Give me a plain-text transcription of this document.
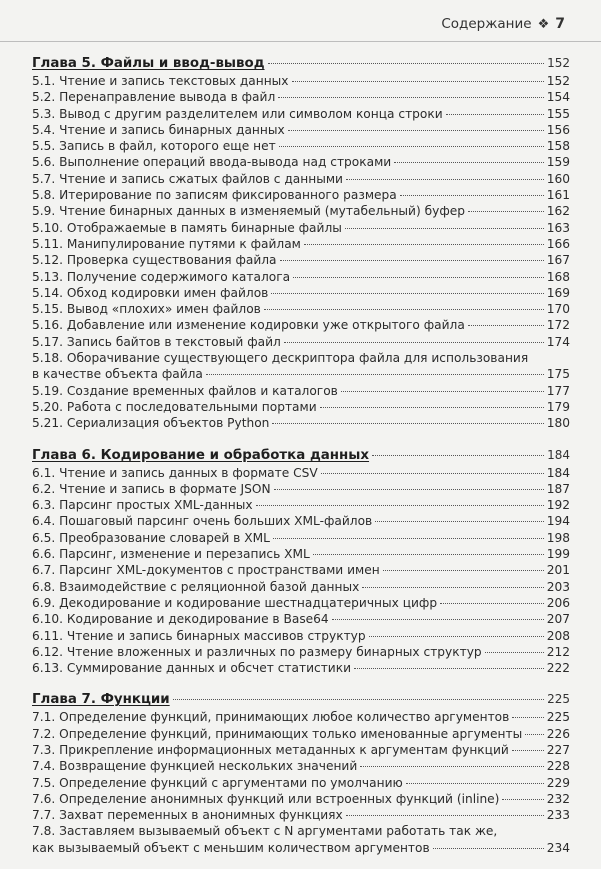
Содержание ❖ 7
Глава 5. Файлы и ввод-вывод	152
5.1. Чтение и запись текстовых данных	152
5.2. Перенаправление вывода в файл	154
5.3. Вывод с другим разделителем или символом конца строки	155
5.4. Чтение и запись бинарных данных	156
5.5. Запись в файл, которого еще нет	158
5.6. Выполнение операций ввода-вывода над строками	159
5.7. Чтение и запись сжатых файлов с данными	160
5.8. Итерирование по записям фиксированного размера	161
5.9. Чтение бинарных данных в изменяемый (мутабельный) буфер	162
5.10. Отображаемые в память бинарные файлы	163
5.11. Манипулирование путями к файлам	166
5.12. Проверка существования файла	167
5.13. Получение содержимого каталога	168
5.14. Обход кодировки имен файлов	169
5.15. Вывод «плохих» имен файлов	170
5.16. Добавление или изменение кодировки уже открытого файла	172
5.17. Запись байтов в текстовый файл	174
5.18. Оборачивание существующего дескриптора файла для использования
в качестве объекта файла	175
5.19. Создание временных файлов и каталогов	177
5.20. Работа с последовательными портами	179
5.21. Сериализация объектов Python	180
Глава 6. Кодирование и обработка данных	184
6.1. Чтение и запись данных в формате CSV	184
6.2. Чтение и запись в формате JSON	187
6.3. Парсинг простых XML-данных	192
6.4. Пошаговый парсинг очень больших XML-файлов	194
6.5. Преобразование словарей в XML	198
6.6. Парсинг, изменение и перезапись XML	199
6.7. Парсинг XML-документов с пространствами имен	201
6.8. Взаимодействие с реляционной базой данных	203
6.9. Декодирование и кодирование шестнадцатеричных цифр	206
6.10. Кодирование и декодирование в Base64	207
6.11. Чтение и запись бинарных массивов структур	208
6.12. Чтение вложенных и различных по размеру бинарных структур	212
6.13. Суммирование данных и обсчет статистики	222
Глава 7. Функции	225
7.1. Определение функций, принимающих любое количество аргументов	225
7.2. Определение функций, принимающих только именованные аргументы 226
7.3. Прикрепление информационных метаданных к аргументам функций	227
7.4. Возвращение функцией нескольких значений	228
7.5. Определение функций с аргументами по умолчанию	229
7.6. Определение анонимных функций или встроенных функций (inline)	232
7.7. Захват переменных в анонимных функциях	233
7.8. Заставляем вызываемый объект с N аргументами работать так же,
как вызываемый объект с меньшим количеством аргументов	234
